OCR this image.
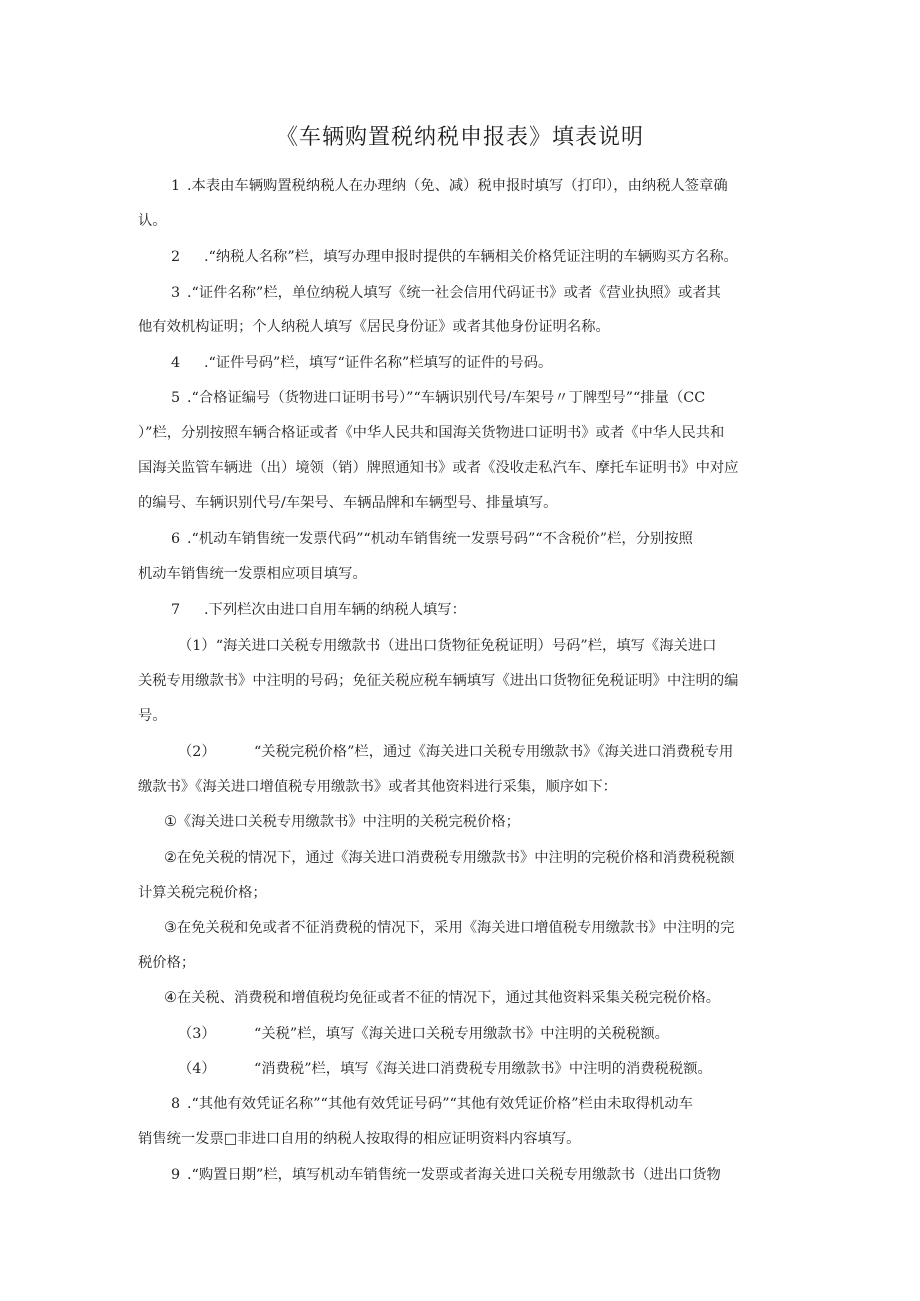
《车辆购置税纳税申报表》填表说明
1 .本表由车辆购置税纳税人在办理纳（免、减）税申报时填写（打印），由纳税人签章确
认。
2 .“纳税人名称”栏，填写办理申报时提供的车辆相关价格凭证注明的车辆购买方名称。
3 .“证件名称”栏，单位纳税人填写《统一社会信用代码证书》或者《营业执照》或者其
他有效机构证明；个人纳税人填写《居民身份证》或者其他身份证明名称。
4 .“证件号码”栏，填写“证件名称”栏填写的证件的号码。
5 .“合格证编号（货物进口证明书号）”“车辆识别代号/车架号〃丁牌型号”“排量（CC
）”栏，分别按照车辆合格证或者《中华人民共和国海关货物进口证明书》或者《中华人民共和
国海关监管车辆进（出）境领（销）牌照通知书》或者《没收走私汽车、摩托车证明书》中对应
的编号、车辆识别代号/车架号、车辆品牌和车辆型号、排量填写。
6 .“机动车销售统一发票代码”“机动车销售统一发票号码”“不含税价”栏，分别按照
机动车销售统一发票相应项目填写。
7 .下列栏次由进口自用车辆的纳税人填写：
（1）“海关进口关税专用缴款书（进出口货物征免税证明）号码”栏，填写《海关进口
关税专用缴款书》中注明的号码；免征关税应税车辆填写《进出口货物征免税证明》中注明的编
号。
（2）	“关税完税价格”栏，通过《海关进口关税专用缴款书》《海关进口消费税专用
缴款书》《海关进口增值税专用缴款书》或者其他资料进行采集，顺序如下：
①《海关进口关税专用缴款书》中注明的关税完税价格；
②在免关税的情况下，通过《海关进口消费税专用缴款书》中注明的完税价格和消费税税额
计算关税完税价格；
③在免关税和免或者不征消费税的情况下，采用《海关进口增值税专用缴款书》中注明的完
税价格；
④在关税、消费税和增值税均免征或者不征的情况下，通过其他资料采集关税完税价格。
（3）	“关税”栏，填写《海关进口关税专用缴款书》中注明的关税税额。
（4）	“消费税”栏，填写《海关进口消费税专用缴款书》中注明的消费税税额。
8 .“其他有效凭证名称”“其他有效凭证号码”“其他有效凭证价格”栏由未取得机动车
销售统一发票□非进口自用的纳税人按取得的相应证明资料内容填写。
9 .“购置日期”栏，填写机动车销售统一发票或者海关进口关税专用缴款书（进出口货物
